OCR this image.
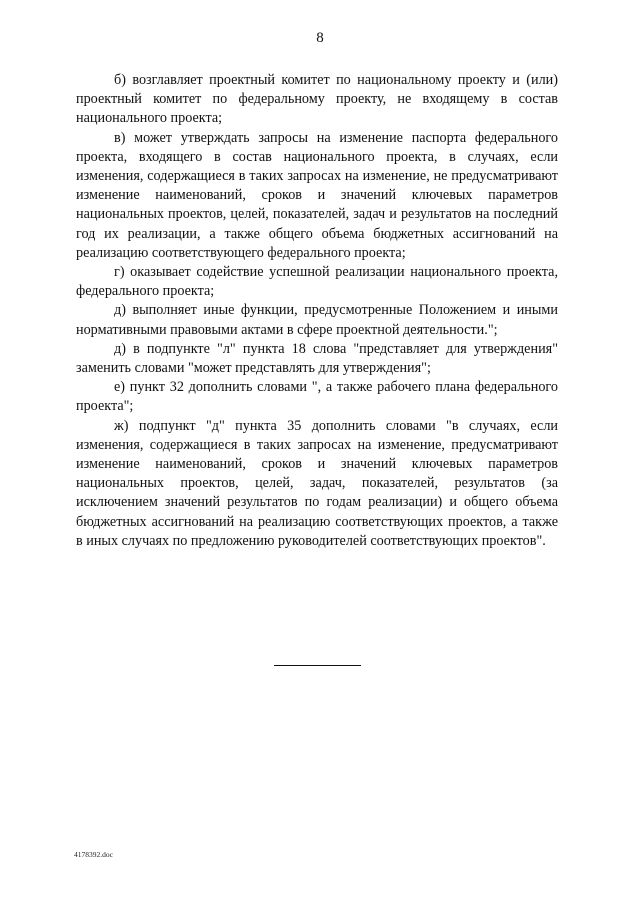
8

б) возглавляет проектный комитет по национальному проекту и (или) проектный комитет по федеральному проекту, не входящему в состав национального проекта;

в) может утверждать запросы на изменение паспорта федерального проекта, входящего в состав национального проекта, в случаях, если изменения, содержащиеся в таких запросах на изменение, не предусматривают изменение наименований, сроков и значений ключевых параметров национальных проектов, целей, показателей, задач и результатов на последний год их реализации, а также общего объема бюджетных ассигнований на реализацию соответствующего федерального проекта;

г) оказывает содействие успешной реализации национального проекта, федерального проекта;

д) выполняет иные функции, предусмотренные Положением и иными нормативными правовыми актами в сфере проектной деятельности.";

д) в подпункте "л" пункта 18 слова "представляет для утверждения" заменить словами "может представлять для утверждения";

е) пункт 32 дополнить словами ", а также рабочего плана федерального проекта";

ж) подпункт "д" пункта 35 дополнить словами "в случаях, если изменения, содержащиеся в таких запросах на изменение, предусматривают изменение наименований, сроков и значений ключевых параметров национальных проектов, целей, задач, показателей, результатов (за исключением значений результатов по годам реализации) и общего объема бюджетных ассигнований на реализацию соответствующих проектов, а также в иных случаях по предложению руководителей соответствующих проектов".

4178392.doc
